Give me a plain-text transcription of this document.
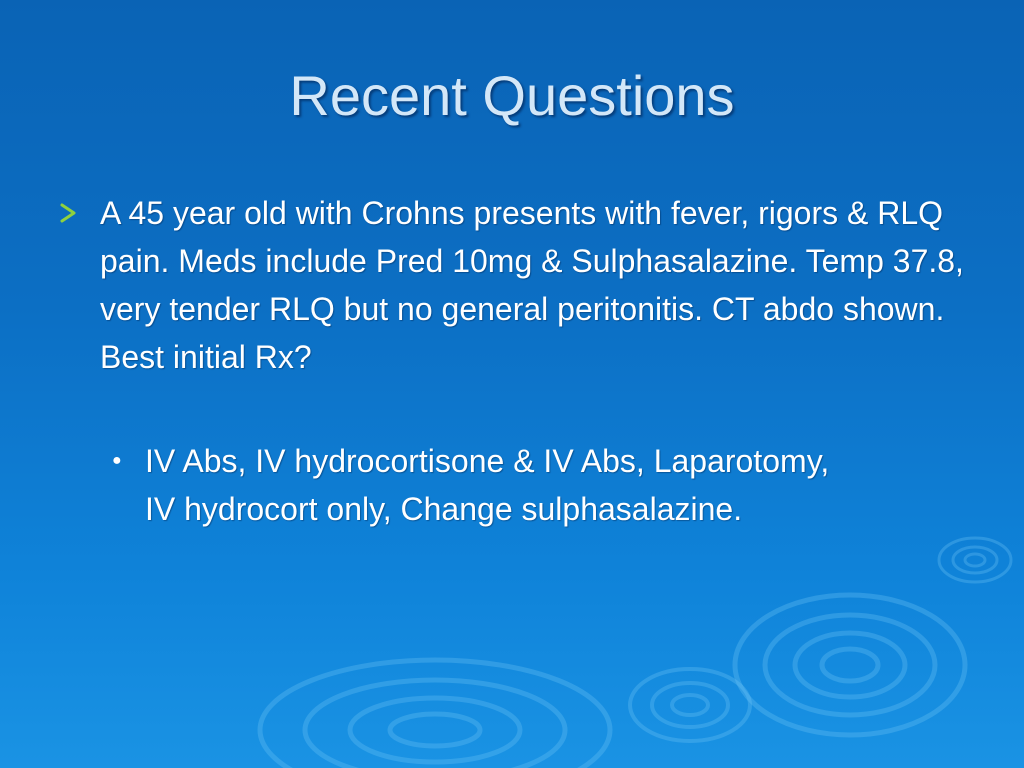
Recent Questions
A 45 year old with Crohns presents with fever, rigors & RLQ pain. Meds include Pred 10mg & Sulphasalazine. Temp 37.8, very tender RLQ but no general peritonitis. CT abdo shown. Best initial Rx?
● IV Abs, IV hydrocortisone & IV Abs, Laparotomy, IV hydrocort only, Change sulphasalazine.
